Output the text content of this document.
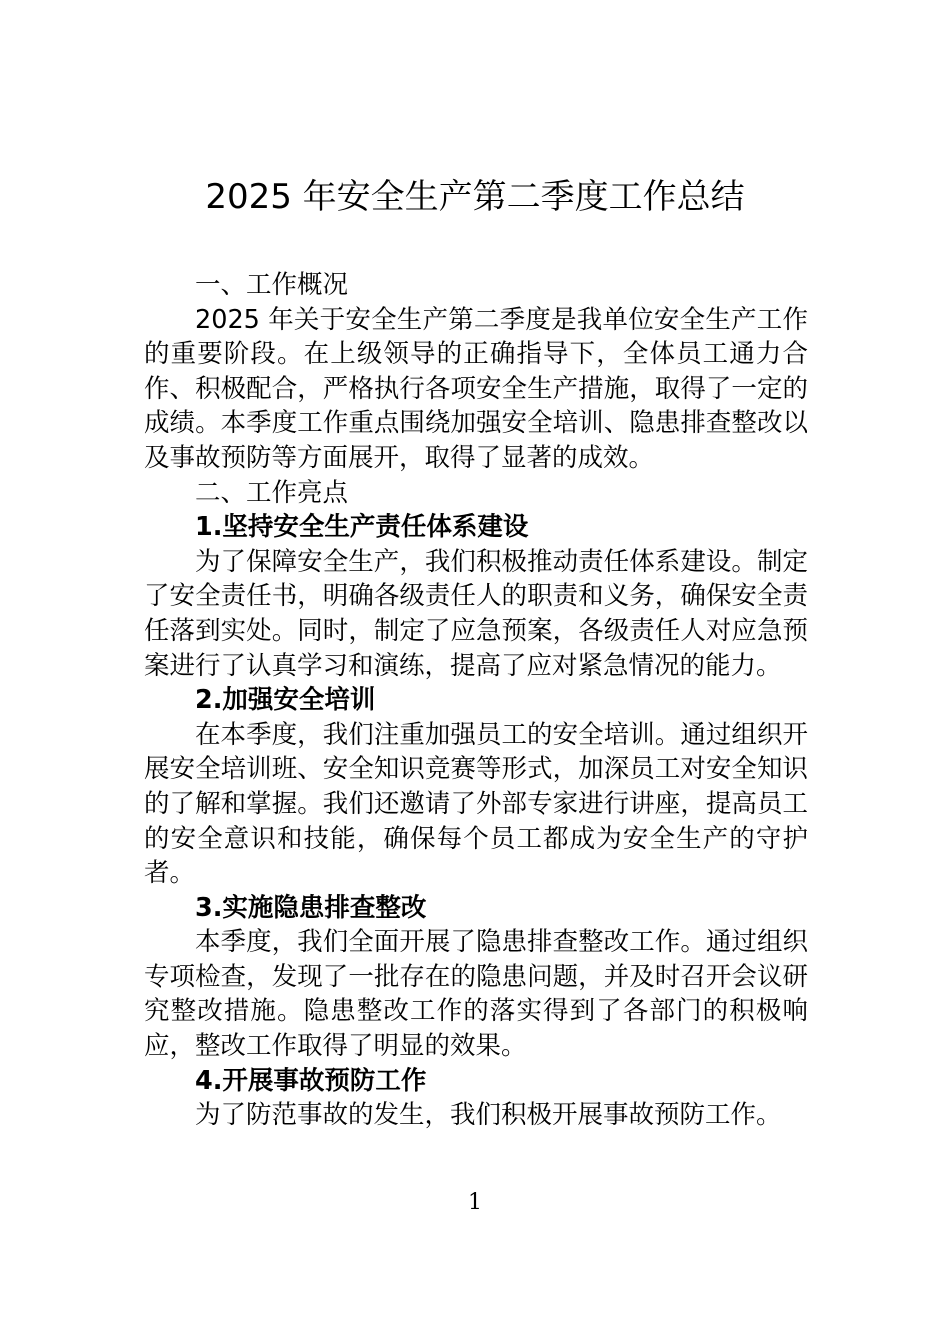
2025 年安全生产第二季度工作总结

一、工作概况

2025 年关于安全生产第二季度是我单位安全生产工作的重要阶段。在上级领导的正确指导下，全体员工通力合作、积极配合，严格执行各项安全生产措施，取得了一定的成绩。本季度工作重点围绕加强安全培训、隐患排查整改以及事故预防等方面展开，取得了显著的成效。

二、工作亮点

1.坚持安全生产责任体系建设

为了保障安全生产，我们积极推动责任体系建设。制定了安全责任书，明确各级责任人的职责和义务，确保安全责任落到实处。同时，制定了应急预案，各级责任人对应急预案进行了认真学习和演练，提高了应对紧急情况的能力。

2.加强安全培训

在本季度，我们注重加强员工的安全培训。通过组织开展安全培训班、安全知识竞赛等形式，加深员工对安全知识的了解和掌握。我们还邀请了外部专家进行讲座，提高员工的安全意识和技能，确保每个员工都成为安全生产的守护者。

3.实施隐患排查整改

本季度，我们全面开展了隐患排查整改工作。通过组织专项检查，发现了一批存在的隐患问题，并及时召开会议研究整改措施。隐患整改工作的落实得到了各部门的积极响应，整改工作取得了明显的效果。

4.开展事故预防工作

为了防范事故的发生，我们积极开展事故预防工作。

1
